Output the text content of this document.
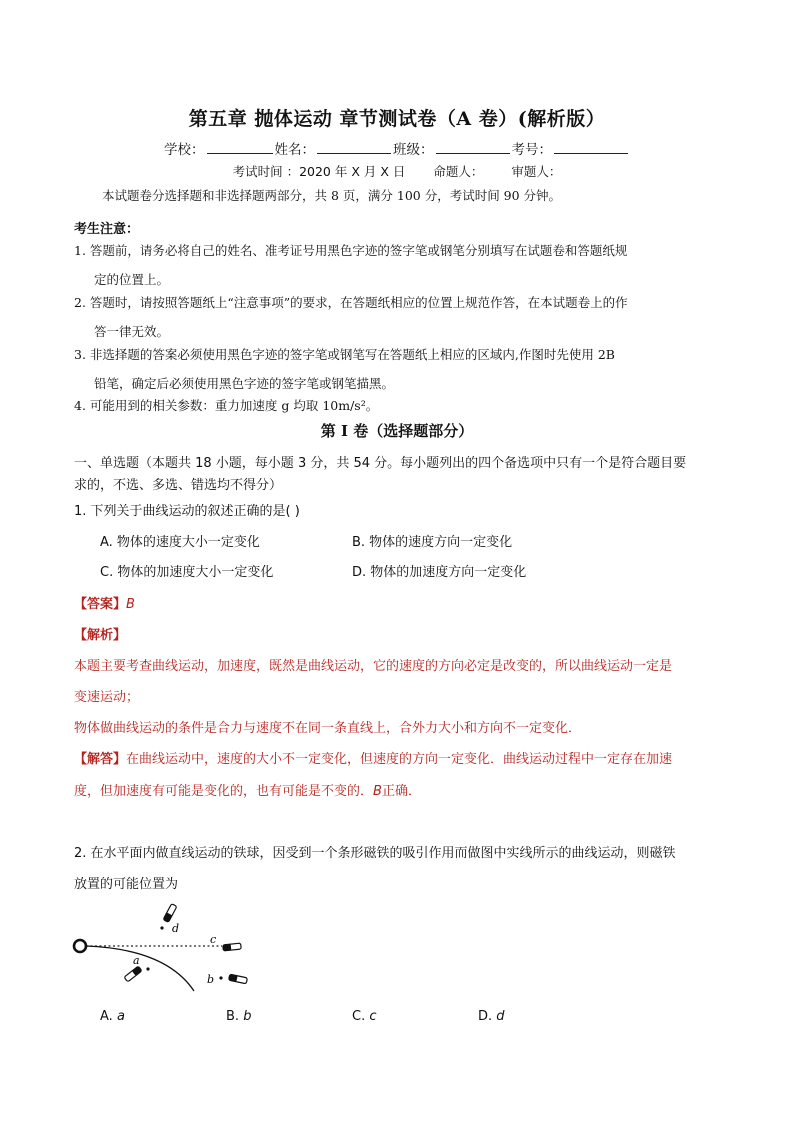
第五章 抛体运动 章节测试卷（A 卷）(解析版）
学校：	姓名：	班级：	考号：
考试时间 ：2020 年 X 月 X 日 命题人： 审题人：
本试题卷分选择题和非选择题两部分，共 8 页，满分 100 分，考试时间 90 分钟。
考生注意：
1. 答题前，请务必将自己的姓名、准考证号用黑色字迹的签字笔或钢笔分别填写在试题卷和答题纸规
定的位置上。
2. 答题时，请按照答题纸上“注意事项”的要求，在答题纸相应的位置上规范作答，在本试题卷上的作
答一律无效。
3. 非选择题的答案必须使用黑色字迹的签字笔或钢笔写在答题纸上相应的区域内,作图时先使用 2B
铅笔，确定后必须使用黑色字迹的签字笔或钢笔描黑。
4. 可能用到的相关参数：重力加速度 g 均取 10m/s²。
第 I 卷（选择题部分）
一、单选题（本题共 18 小题，每小题 3 分，共 54 分。每小题列出的四个备选项中只有一个是符合题目要
求的，不选、多选、错选均不得分）
1. 下列关于曲线运动的叙述正确的是( )
A. 物体的速度大小一定变化	B. 物体的速度方向一定变化
C. 物体的加速度大小一定变化	D. 物体的加速度方向一定变化
【答案】B
【解析】
本题主要考查曲线运动，加速度，既然是曲线运动，它的速度的方向必定是改变的，所以曲线运动一定是
变速运动；
物体做曲线运动的条件是合力与速度不在同一条直线上，合外力大小和方向不一定变化．
【解答】在曲线运动中，速度的大小不一定变化，但速度的方向一定变化．曲线运动过程中一定存在加速
度，但加速度有可能是变化的，也有可能是不变的．B正确．
2. 在水平面内做直线运动的铁球，因受到一个条形磁铁的吸引作用而做图中实线所示的曲线运动，则磁铁
放置的可能位置为
d
c
a
b
A. a	B. b	C. c	D. d
